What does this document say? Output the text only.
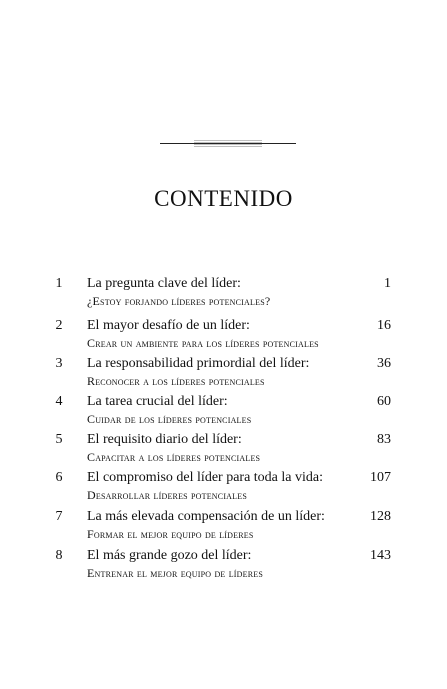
CONTENIDO
1 La pregunta clave del líder:	1
¿Estoy forjando líderes potenciales?
2 El mayor desafío de un líder:	16
Crear un ambiente para los líderes potenciales
3 La responsabilidad primordial del líder:	36
Reconocer a los líderes potenciales
4 La tarea crucial del líder:	60
Cuidar de los líderes potenciales
5 El requisito diario del líder:	83
Capacitar a los líderes potenciales
6 El compromiso del líder para toda la vida:	107
Desarrollar líderes potenciales
7 La más elevada compensación de un líder:	128
Formar el mejor equipo de líderes
8 El más grande gozo del líder:	143
Entrenar el mejor equipo de líderes
